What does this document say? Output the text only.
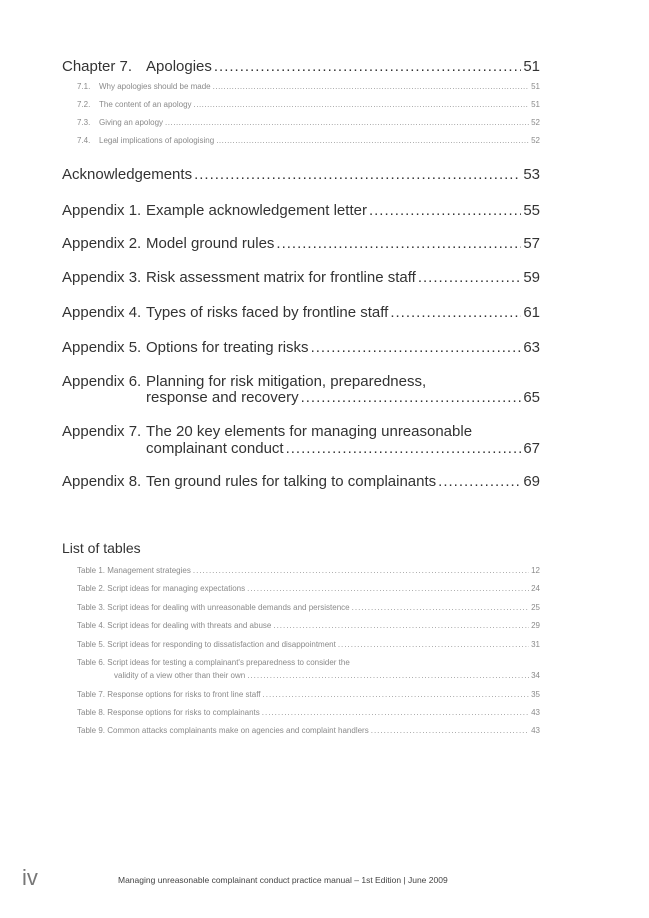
Chapter 7. Apologies .....	51
7.1.	Why apologies should be made .....	51
7.2.	The content of an apology .....	51
7.3.	Giving an apology .....	52
7.4.	Legal implications of apologising .....	52
Acknowledgements .....	53
Appendix 1. Example acknowledgement letter .....	55
Appendix 2. Model ground rules .....	57
Appendix 3. Risk assessment matrix for frontline staff .....	59
Appendix 4. Types of risks faced by frontline staff .....	61
Appendix 5. Options for treating risks .....	63
Appendix 6. Planning for risk mitigation, preparedness,
response and recovery .....	65
Appendix 7. The 20 key elements for managing unreasonable
complainant conduct .....	67
Appendix 8. Ten ground rules for talking to complainants .....	69
List of tables
Table 1. Management strategies .....	12
Table 2. Script ideas for managing expectations .....	24
Table 3. Script ideas for dealing with unreasonable demands and persistence .....	25
Table 4. Script ideas for dealing with threats and abuse .....	29
Table 5. Script ideas for responding to dissatisfaction and disappointment .....	31
Table 6. Script ideas for testing a complainant's preparedness to consider the
validity of a view other than their own .....	34
Table 7. Response options for risks to front line staff .....	35
Table 8. Response options for risks to complainants .....	43
Table 9. Common attacks complainants make on agencies and complaint handlers .....	43
iv	Managing unreasonable complainant conduct practice manual – 1st Edition | June 2009
